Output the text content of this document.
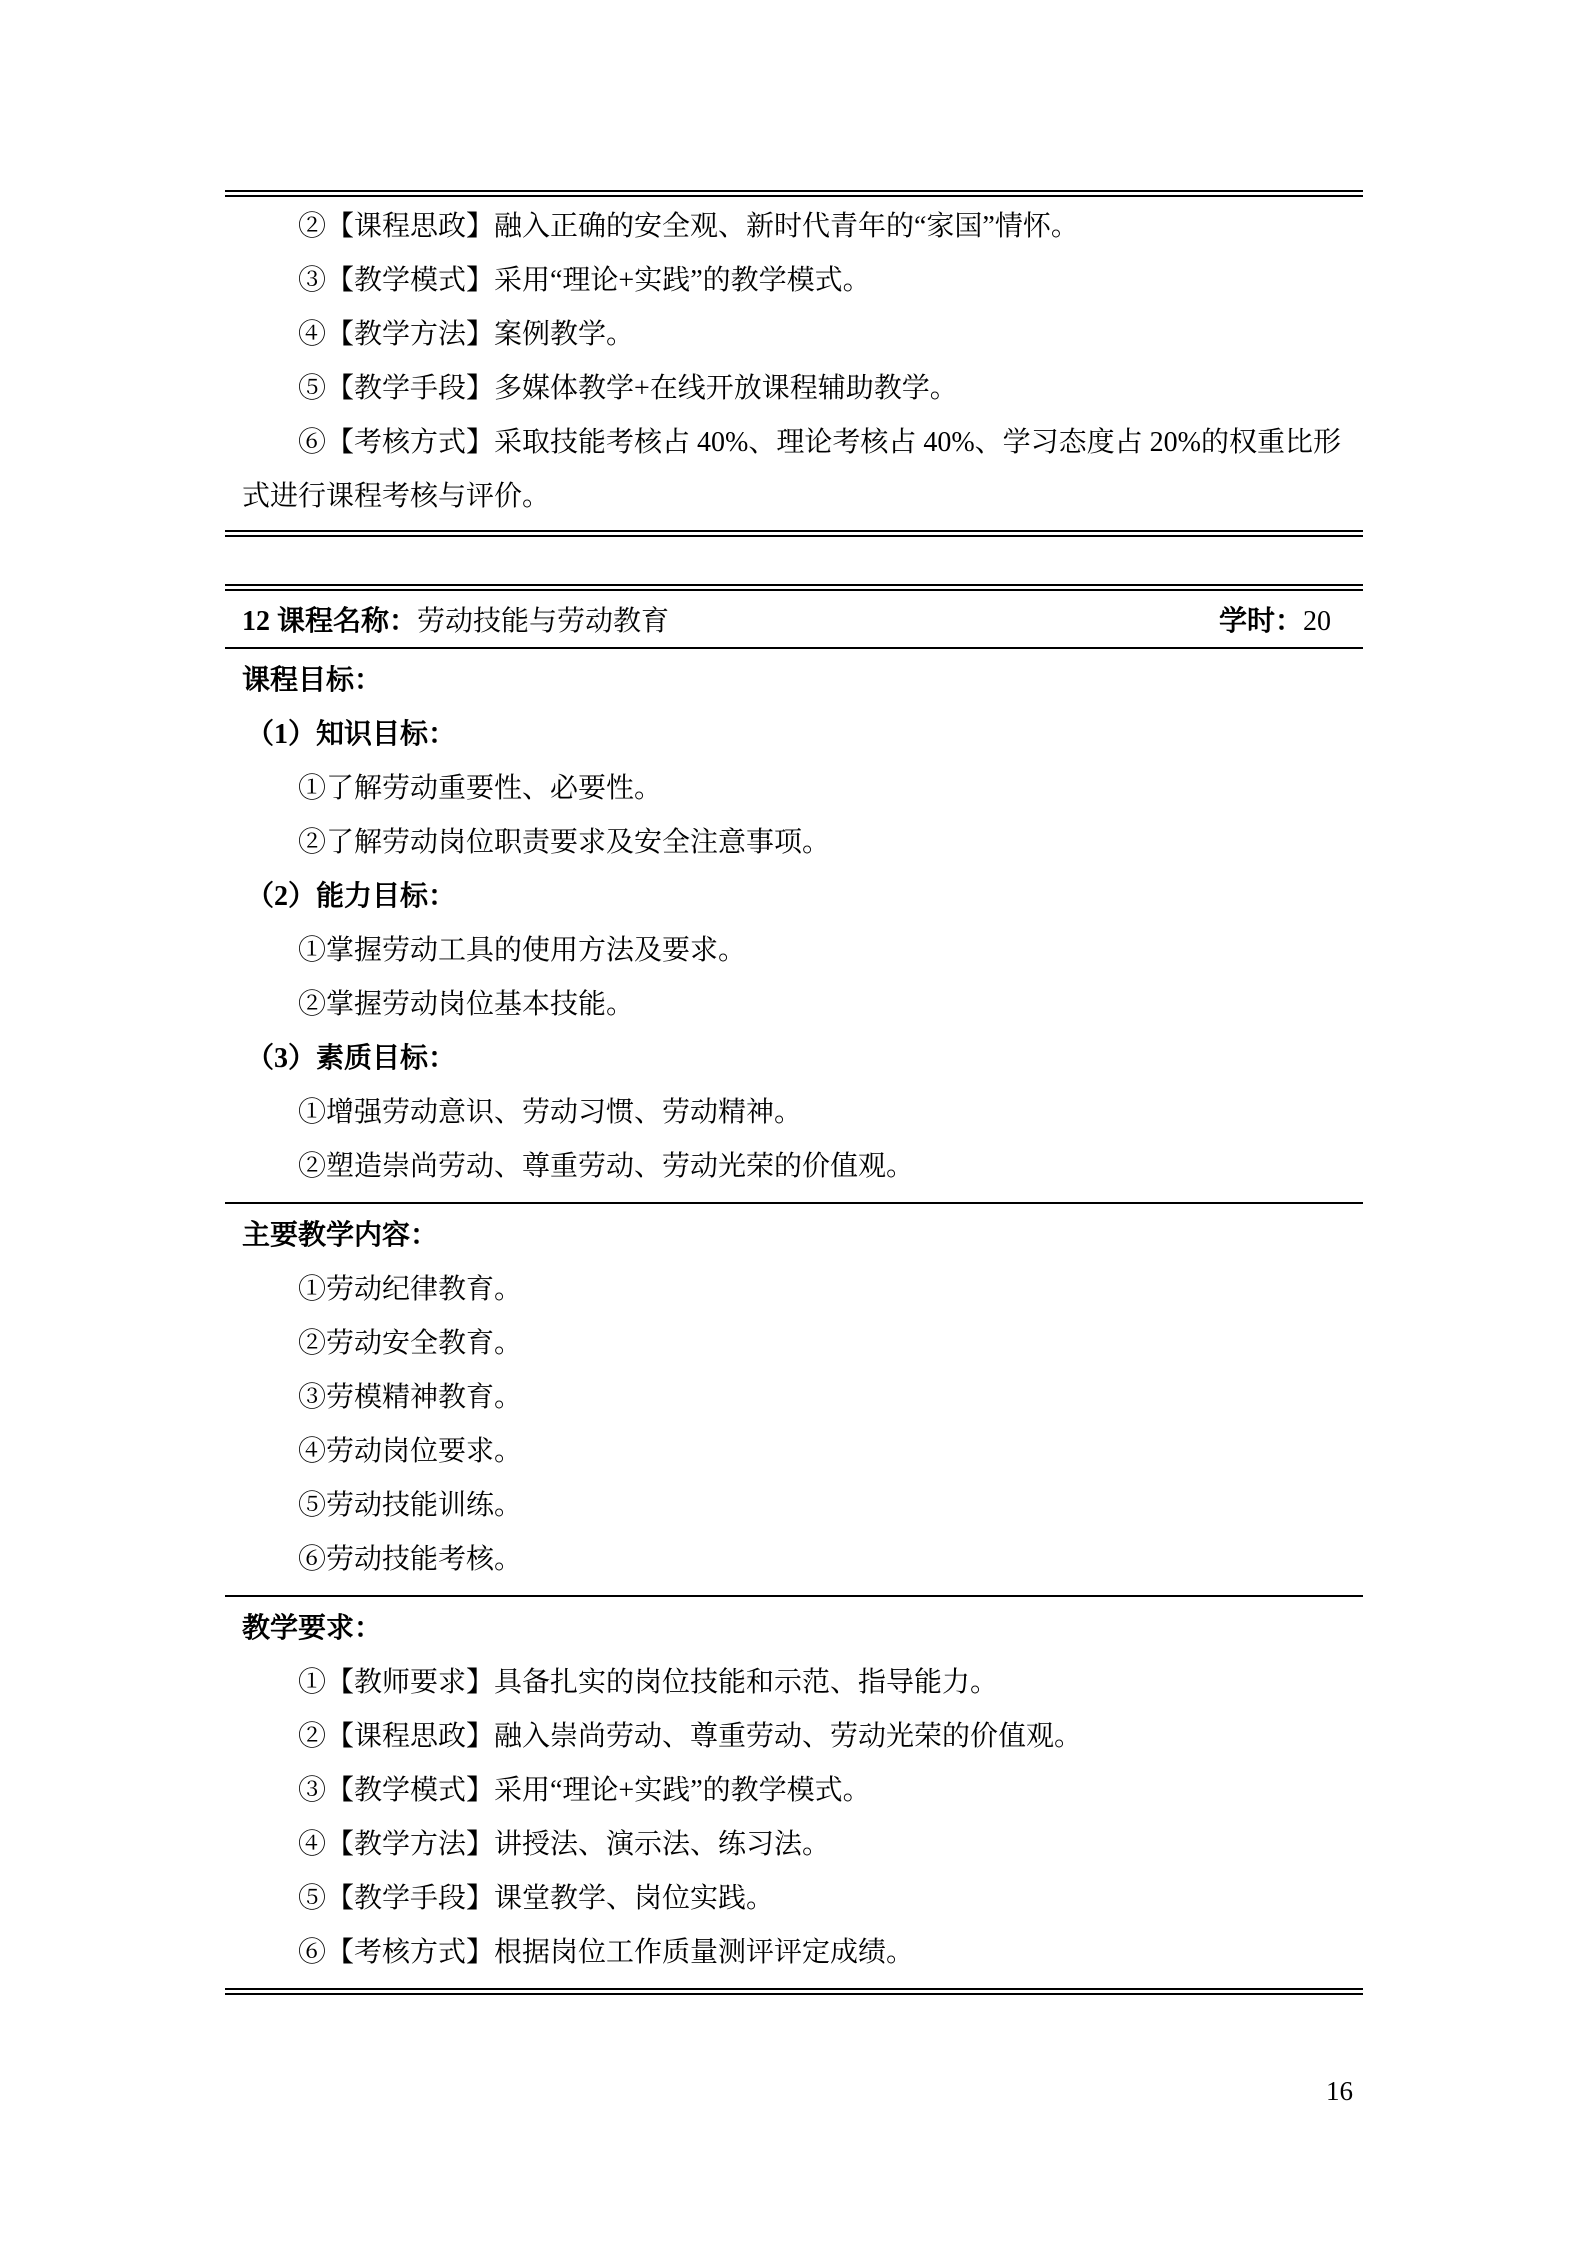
②【课程思政】融入正确的安全观、新时代青年的“家国”情怀。

③【教学模式】采用“理论+实践”的教学模式。

④【教学方法】案例教学。

⑤【教学手段】多媒体教学+在线开放课程辅助教学。

⑥【考核方式】采取技能考核占 40%、理论考核占 40%、学习态度占 20%的权重比形式进行课程考核与评价。

12 课程名称：劳动技能与劳动教育	学时：20

课程目标：

（1）知识目标：

①了解劳动重要性、必要性。

②了解劳动岗位职责要求及安全注意事项。

（2）能力目标：

①掌握劳动工具的使用方法及要求。

②掌握劳动岗位基本技能。

（3）素质目标：

①增强劳动意识、劳动习惯、劳动精神。

②塑造崇尚劳动、尊重劳动、劳动光荣的价值观。

主要教学内容：

①劳动纪律教育。

②劳动安全教育。

③劳模精神教育。

④劳动岗位要求。

⑤劳动技能训练。

⑥劳动技能考核。

教学要求：

①【教师要求】具备扎实的岗位技能和示范、指导能力。

②【课程思政】融入崇尚劳动、尊重劳动、劳动光荣的价值观。

③【教学模式】采用“理论+实践”的教学模式。

④【教学方法】讲授法、演示法、练习法。

⑤【教学手段】课堂教学、岗位实践。

⑥【考核方式】根据岗位工作质量测评评定成绩。

16
